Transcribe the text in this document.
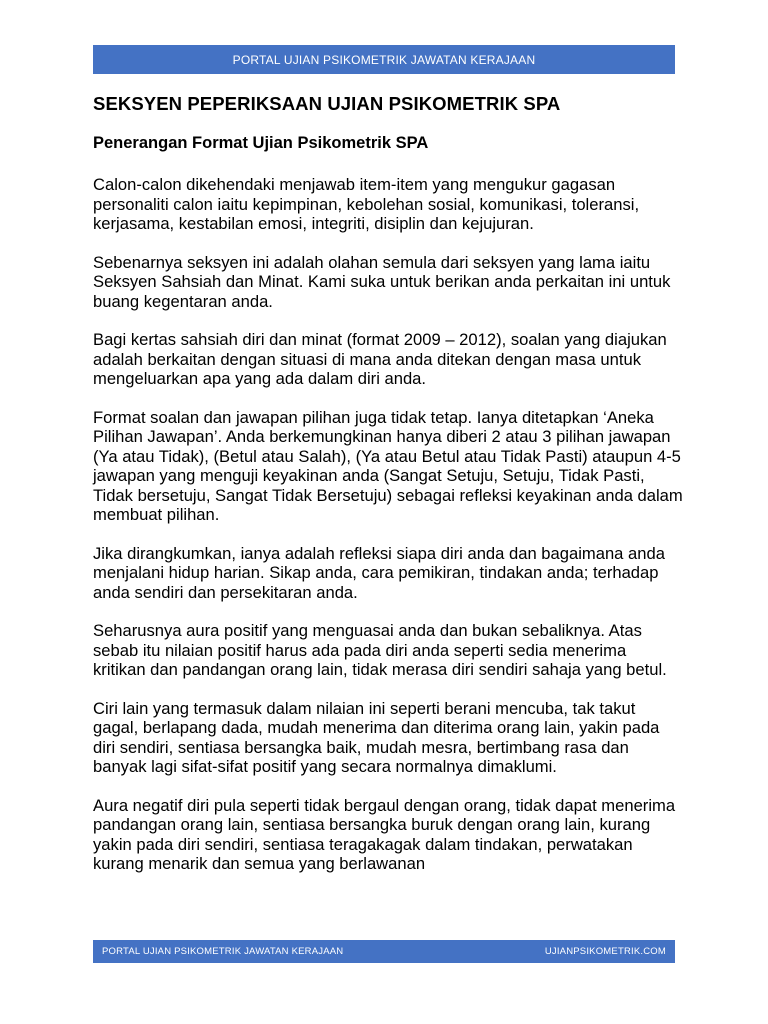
PORTAL UJIAN PSIKOMETRIK JAWATAN KERAJAAN
SEKSYEN PEPERIKSAAN UJIAN PSIKOMETRIK SPA
Penerangan Format Ujian Psikometrik SPA

Calon-calon dikehendaki menjawab item-item yang mengukur gagasan personaliti calon iaitu kepimpinan, kebolehan sosial, komunikasi, toleransi, kerjasama, kestabilan emosi, integriti, disiplin dan kejujuran.

Sebenarnya seksyen ini adalah olahan semula dari seksyen yang lama iaitu Seksyen Sahsiah dan Minat. Kami suka untuk berikan anda perkaitan ini untuk buang kegentaran anda.

Bagi kertas sahsiah diri dan minat (format 2009 – 2012), soalan yang diajukan adalah berkaitan dengan situasi di mana anda ditekan dengan masa untuk mengeluarkan apa yang ada dalam diri anda.

Format soalan dan jawapan pilihan juga tidak tetap. Ianya ditetapkan ‘Aneka Pilihan Jawapan’. Anda berkemungkinan hanya diberi 2 atau 3 pilihan jawapan (Ya atau Tidak), (Betul atau Salah), (Ya atau Betul atau Tidak Pasti) ataupun 4-5 jawapan yang menguji keyakinan anda (Sangat Setuju, Setuju, Tidak Pasti, Tidak bersetuju, Sangat Tidak Bersetuju) sebagai refleksi keyakinan anda dalam membuat pilihan.

Jika dirangkumkan, ianya adalah refleksi siapa diri anda dan bagaimana anda menjalani hidup harian. Sikap anda, cara pemikiran, tindakan anda; terhadap anda sendiri dan persekitaran anda.

Seharusnya aura positif yang menguasai anda dan bukan sebaliknya. Atas sebab itu nilaian positif harus ada pada diri anda seperti sedia menerima kritikan dan pandangan orang lain, tidak merasa diri sendiri sahaja yang betul.

Ciri lain yang termasuk dalam nilaian ini seperti berani mencuba, tak takut gagal, berlapang dada, mudah menerima dan diterima orang lain, yakin pada diri sendiri, sentiasa bersangka baik, mudah mesra, bertimbang rasa dan banyak lagi sifat-sifat positif yang secara normalnya dimaklumi.

Aura negatif diri pula seperti tidak bergaul dengan orang, tidak dapat menerima pandangan orang lain, sentiasa bersangka buruk dengan orang lain, kurang yakin pada diri sendiri, sentiasa teragakagak dalam tindakan, perwatakan kurang menarik dan semua yang berlawanan

PORTAL UJIAN PSIKOMETRIK JAWATAN KERAJAAN	UJIANPSIKOMETRIK.COM
